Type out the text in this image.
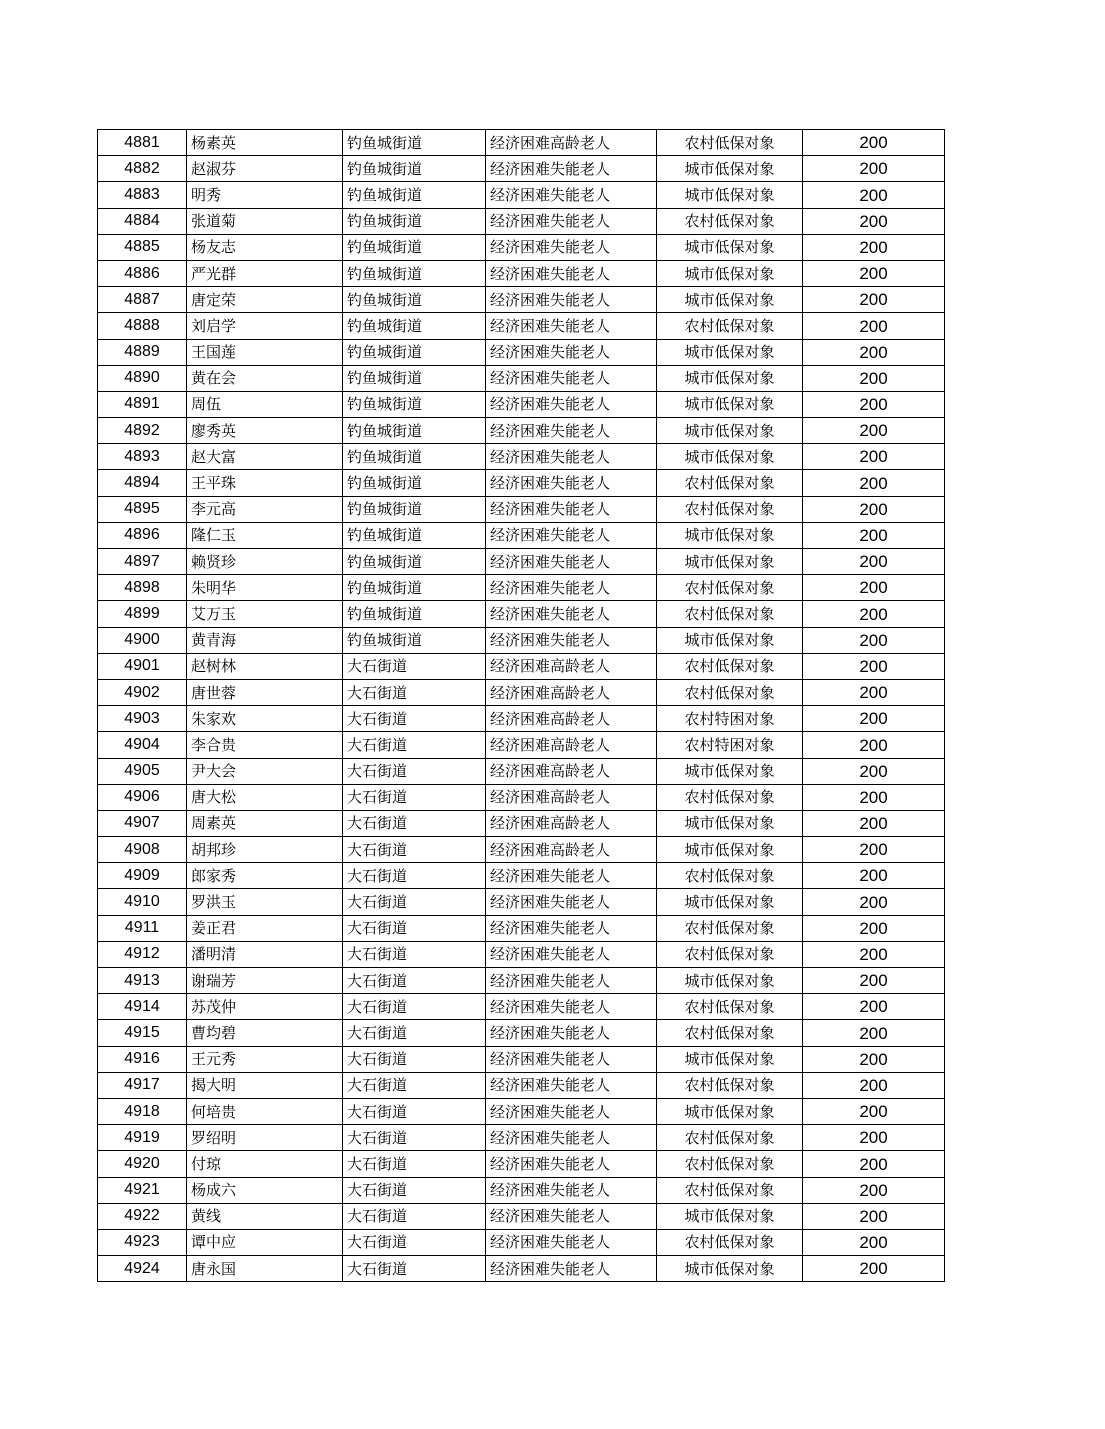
4881	杨素英	钓鱼城街道	经济困难高龄老人	农村低保对象	200
4882	赵淑芬	钓鱼城街道	经济困难失能老人	城市低保对象	200
4883	明秀	钓鱼城街道	经济困难失能老人	城市低保对象	200
4884	张道菊	钓鱼城街道	经济困难失能老人	农村低保对象	200
4885	杨友志	钓鱼城街道	经济困难失能老人	城市低保对象	200
4886	严光群	钓鱼城街道	经济困难失能老人	城市低保对象	200
4887	唐定荣	钓鱼城街道	经济困难失能老人	城市低保对象	200
4888	刘启学	钓鱼城街道	经济困难失能老人	农村低保对象	200
4889	王国莲	钓鱼城街道	经济困难失能老人	城市低保对象	200
4890	黄在会	钓鱼城街道	经济困难失能老人	城市低保对象	200
4891	周伍	钓鱼城街道	经济困难失能老人	城市低保对象	200
4892	廖秀英	钓鱼城街道	经济困难失能老人	城市低保对象	200
4893	赵大富	钓鱼城街道	经济困难失能老人	城市低保对象	200
4894	王平珠	钓鱼城街道	经济困难失能老人	农村低保对象	200
4895	李元高	钓鱼城街道	经济困难失能老人	农村低保对象	200
4896	隆仁玉	钓鱼城街道	经济困难失能老人	城市低保对象	200
4897	赖贤珍	钓鱼城街道	经济困难失能老人	城市低保对象	200
4898	朱明华	钓鱼城街道	经济困难失能老人	农村低保对象	200
4899	艾万玉	钓鱼城街道	经济困难失能老人	农村低保对象	200
4900	黄青海	钓鱼城街道	经济困难失能老人	城市低保对象	200
4901	赵树林	大石街道	经济困难高龄老人	农村低保对象	200
4902	唐世蓉	大石街道	经济困难高龄老人	农村低保对象	200
4903	朱家欢	大石街道	经济困难高龄老人	农村特困对象	200
4904	李合贵	大石街道	经济困难高龄老人	农村特困对象	200
4905	尹大会	大石街道	经济困难高龄老人	城市低保对象	200
4906	唐大松	大石街道	经济困难高龄老人	农村低保对象	200
4907	周素英	大石街道	经济困难高龄老人	城市低保对象	200
4908	胡邦珍	大石街道	经济困难高龄老人	城市低保对象	200
4909	郎家秀	大石街道	经济困难失能老人	农村低保对象	200
4910	罗洪玉	大石街道	经济困难失能老人	城市低保对象	200
4911	姜正君	大石街道	经济困难失能老人	农村低保对象	200
4912	潘明清	大石街道	经济困难失能老人	农村低保对象	200
4913	谢瑞芳	大石街道	经济困难失能老人	城市低保对象	200
4914	苏茂仲	大石街道	经济困难失能老人	农村低保对象	200
4915	曹均碧	大石街道	经济困难失能老人	农村低保对象	200
4916	王元秀	大石街道	经济困难失能老人	城市低保对象	200
4917	揭大明	大石街道	经济困难失能老人	农村低保对象	200
4918	何培贵	大石街道	经济困难失能老人	城市低保对象	200
4919	罗绍明	大石街道	经济困难失能老人	农村低保对象	200
4920	付琼	大石街道	经济困难失能老人	农村低保对象	200
4921	杨成六	大石街道	经济困难失能老人	农村低保对象	200
4922	黄线	大石街道	经济困难失能老人	城市低保对象	200
4923	谭中应	大石街道	经济困难失能老人	农村低保对象	200
4924	唐永国	大石街道	经济困难失能老人	城市低保对象	200
